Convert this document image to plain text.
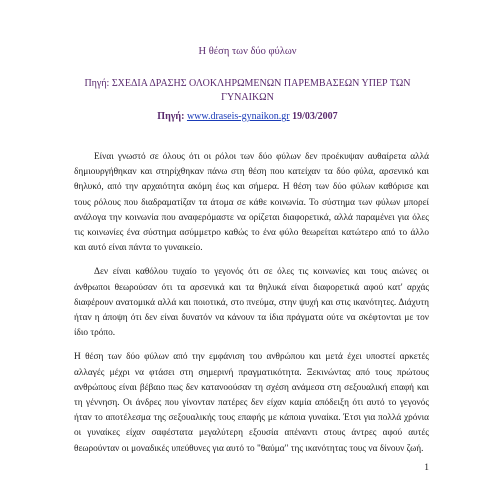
Η θέση των δύο φύλων

Πηγή: ΣΧΕΔΙΑ ΔΡΑΣΗΣ ΟΛΟΚΛΗΡΩΜΕΝΩΝ ΠΑΡΕΜΒΑΣΕΩΝ ΥΠΕΡ ΤΩΝ ΓΥΝΑΙΚΩΝ

Πηγή: www.draseis-gynaikon.gr 19/03/2007

Είναι γνωστό σε όλους ότι οι ρόλοι των δύο φύλων δεν προέκυψαν αυθαίρετα αλλά δημιουργήθηκαν και στηρίχθηκαν πάνω στη θέση που κατείχαν τα δύο φύλα, αρσενικό και θηλυκό, από την αρχαιότητα ακόμη έως και σήμερα. Η θέση των δύο φύλων καθόρισε και τους ρόλους που διαδραματίζαν τα άτομα σε κάθε κοινωνία. Το σύστημα των φύλων μπορεί ανάλογα την κοινωνία που αναφερόμαστε να ορίζεται διαφορετικά, αλλά παραμένει για όλες τις κοινωνίες ένα σύστημα ασύμμετρο καθώς το ένα φύλο θεωρείται κατώτερο από το άλλο και αυτό είναι πάντα το γυναικείο.

Δεν είναι καθόλου τυχαίο το γεγονός ότι σε όλες τις κοινωνίες και τους αιώνες οι άνθρωποι θεωρούσαν ότι τα αρσενικά και τα θηλυκά είναι διαφορετικά αφού κατ' αρχάς διαφέρουν ανατομικά αλλά και ποιοτικά, στο πνεύμα, στην ψυχή και στις ικανότητες. Διάχυτη ήταν η άποψη ότι δεν είναι δυνατόν να κάνουν τα ίδια πράγματα ούτε να σκέφτονται με τον ίδιο τρόπο.

Η θέση των δύο φύλων από την εμφάνιση του ανθρώπου και μετά έχει υποστεί αρκετές αλλαγές μέχρι να φτάσει στη σημερινή πραγματικότητα. Ξεκινώντας από τους πρώτους ανθρώπους είναι βέβαιο πως δεν κατανοούσαν τη σχέση ανάμεσα στη σεξουαλική επαφή και τη γέννηση. Οι άνδρες που γίνονταν πατέρες δεν είχαν καμία απόδειξη ότι αυτό το γεγονός ήταν το αποτέλεσμα της σεξουαλικής τους επαφής με κάποια γυναίκα. Έτσι για πολλά χρόνια οι γυναίκες είχαν σαφέστατα μεγαλύτερη εξουσία απέναντι στους άντρες αφού αυτές θεωρούνταν οι μοναδικές υπεύθυνες για αυτό το "θαύμα" της ικανότητας τους να δίνουν ζωή.

1
